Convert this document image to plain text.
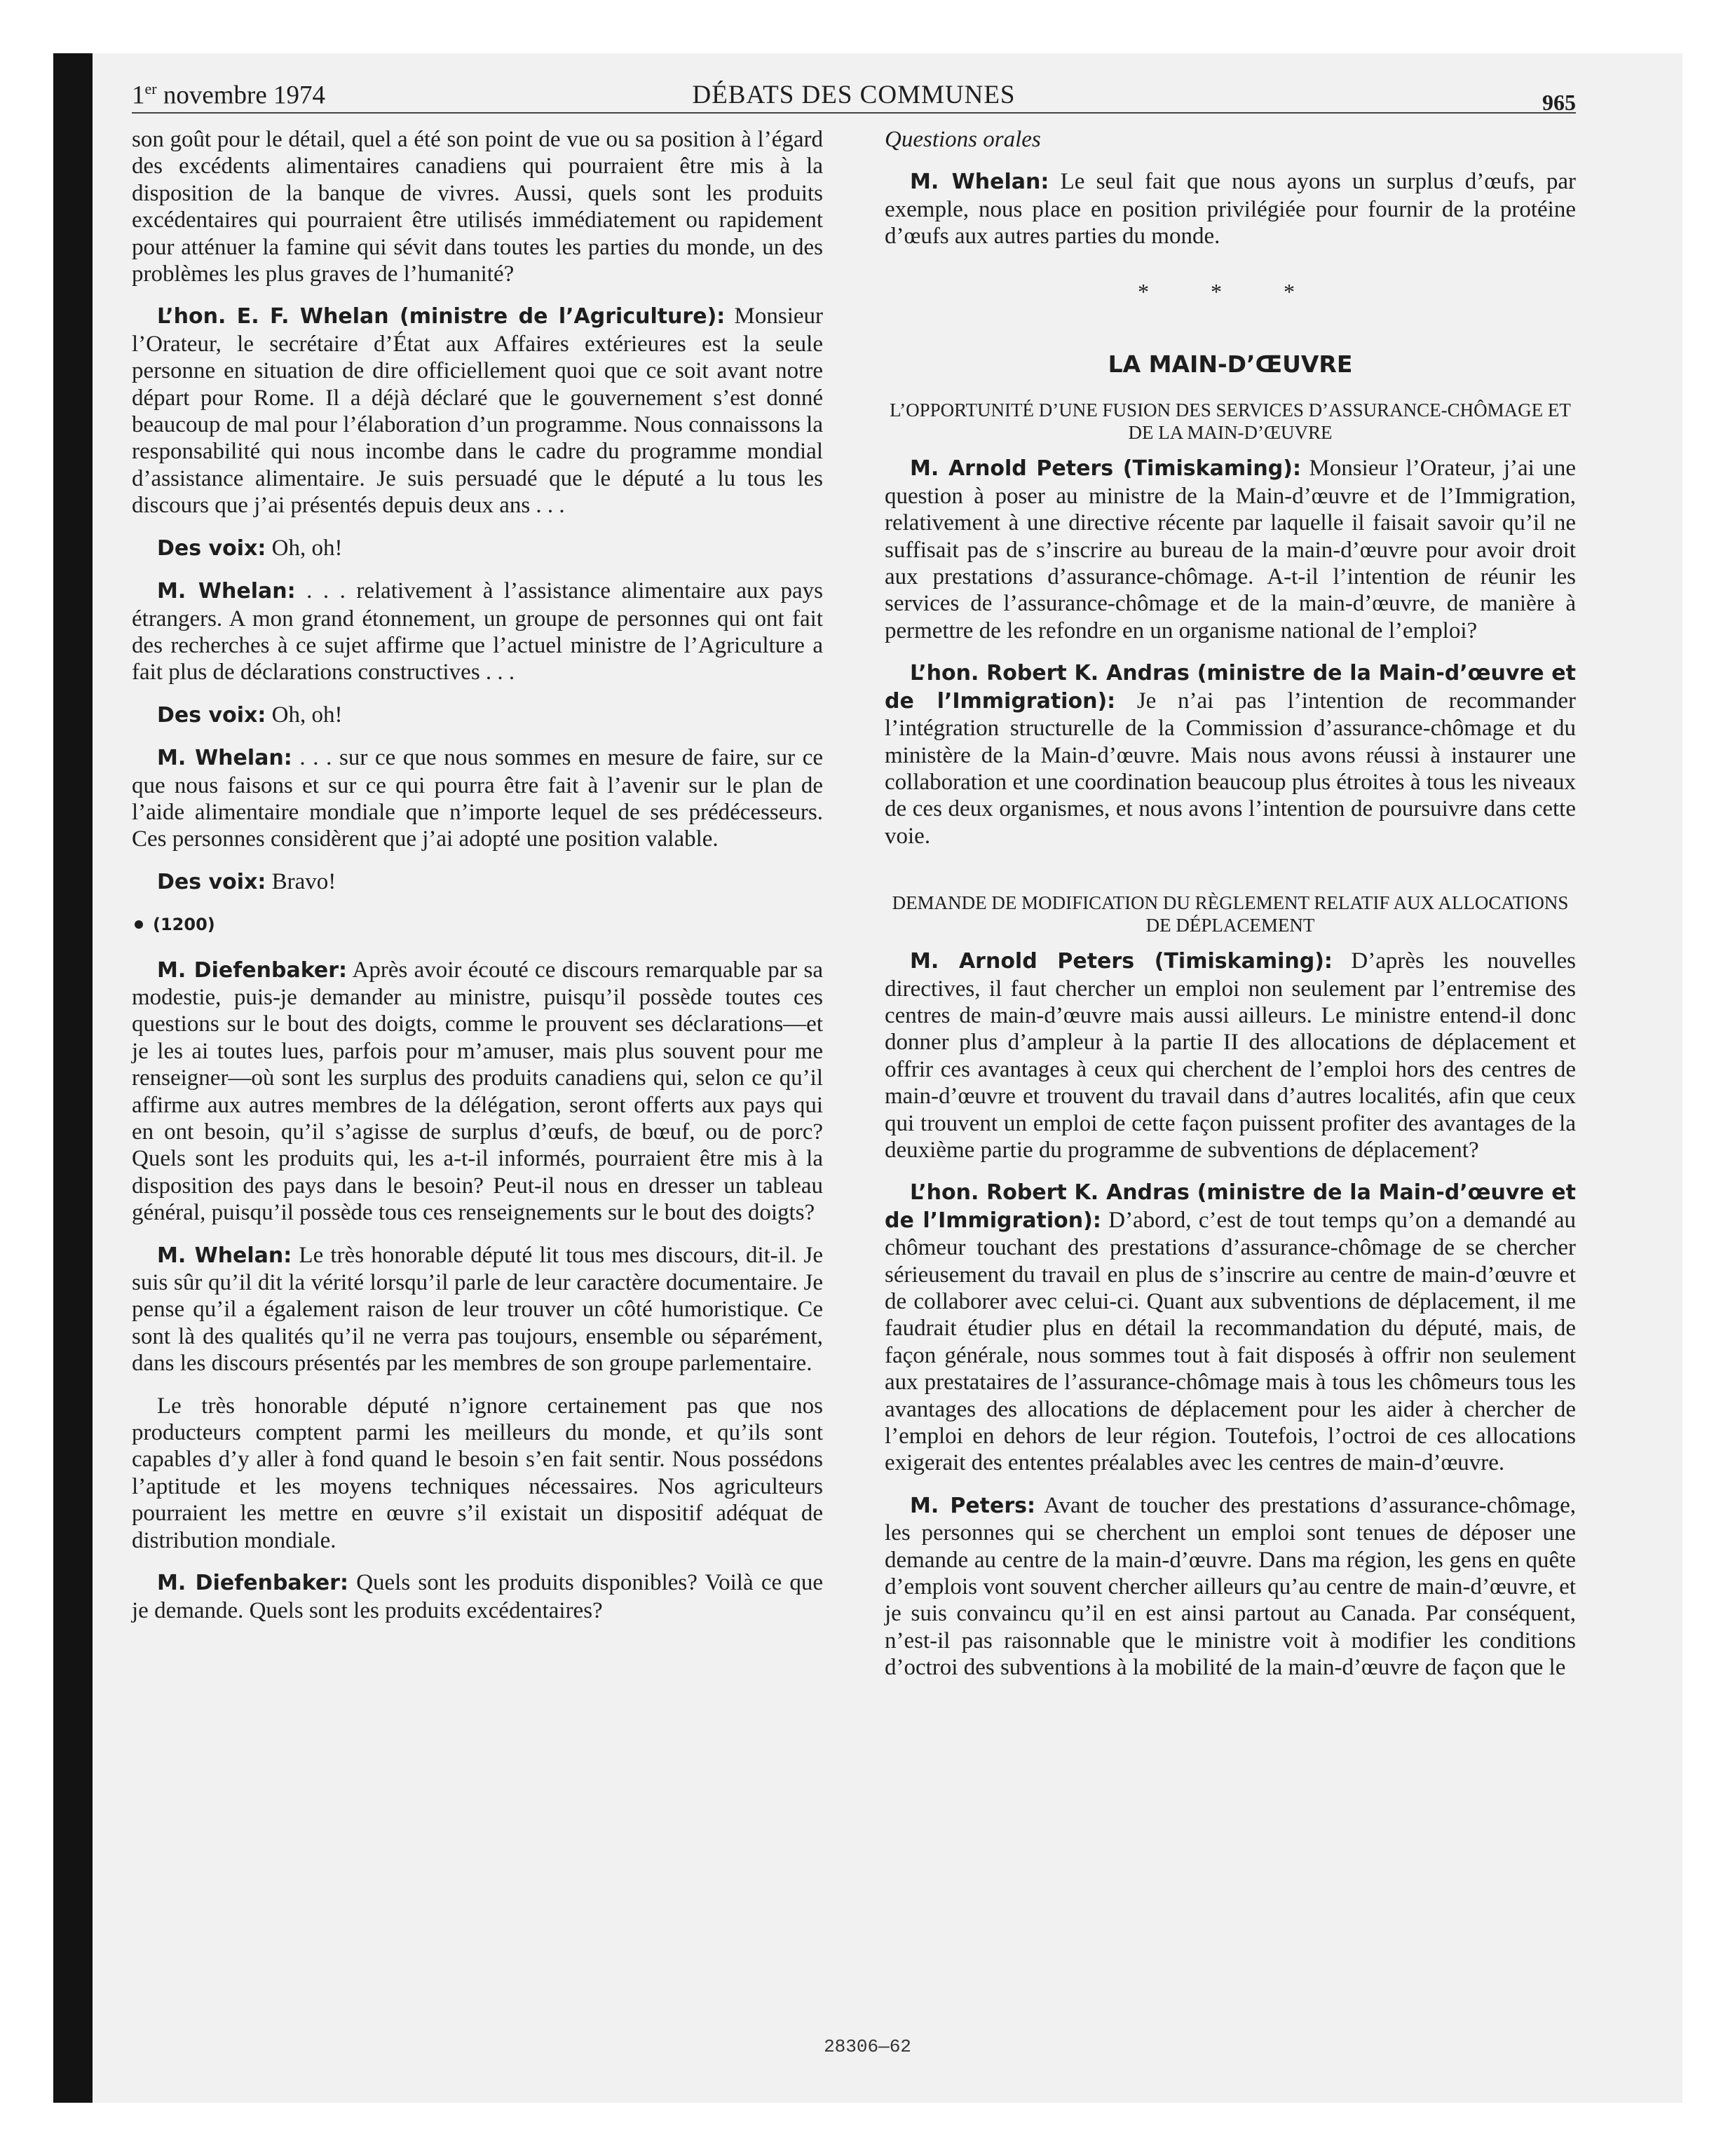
1er novembre 1974	DÉBATS DES COMMUNES	965

son goût pour le détail, quel a été son point de vue ou sa position à l’égard des excédents alimentaires canadiens qui pourraient être mis à la disposition de la banque de vivres. Aussi, quels sont les produits excédentaires qui pourraient être utilisés immédiatement ou rapidement pour atténuer la famine qui sévit dans toutes les parties du monde, un des problèmes les plus graves de l’humanité?

L’hon. E. F. Whelan (ministre de l’Agriculture): Monsieur l’Orateur, le secrétaire d’État aux Affaires extérieures est la seule personne en situation de dire officiellement quoi que ce soit avant notre départ pour Rome. Il a déjà déclaré que le gouvernement s’est donné beaucoup de mal pour l’élaboration d’un programme. Nous connaissons la responsabilité qui nous incombe dans le cadre du programme mondial d’assistance alimentaire. Je suis persuadé que le député a lu tous les discours que j’ai présentés depuis deux ans . . .

Des voix: Oh, oh!

M. Whelan: . . . relativement à l’assistance alimentaire aux pays étrangers. A mon grand étonnement, un groupe de personnes qui ont fait des recherches à ce sujet affirme que l’actuel ministre de l’Agriculture a fait plus de déclarations constructives . . .

Des voix: Oh, oh!

M. Whelan: . . . sur ce que nous sommes en mesure de faire, sur ce que nous faisons et sur ce qui pourra être fait à l’avenir sur le plan de l’aide alimentaire mondiale que n’importe lequel de ses prédécesseurs. Ces personnes considèrent que j’ai adopté une position valable.

Des voix: Bravo!

(1200)

M. Diefenbaker: Après avoir écouté ce discours remarquable par sa modestie, puis-je demander au ministre, puisqu’il possède toutes ces questions sur le bout des doigts, comme le prouvent ses déclarations—et je les ai toutes lues, parfois pour m’amuser, mais plus souvent pour me renseigner—où sont les surplus des produits canadiens qui, selon ce qu’il affirme aux autres membres de la délégation, seront offerts aux pays qui en ont besoin, qu’il s’agisse de surplus d’œufs, de bœuf, ou de porc? Quels sont les produits qui, les a-t-il informés, pourraient être mis à la disposition des pays dans le besoin? Peut-il nous en dresser un tableau général, puisqu’il possède tous ces renseignements sur le bout des doigts?

M. Whelan: Le très honorable député lit tous mes discours, dit-il. Je suis sûr qu’il dit la vérité lorsqu’il parle de leur caractère documentaire. Je pense qu’il a également raison de leur trouver un côté humoristique. Ce sont là des qualités qu’il ne verra pas toujours, ensemble ou séparément, dans les discours présentés par les membres de son groupe parlementaire.

Le très honorable député n’ignore certainement pas que nos producteurs comptent parmi les meilleurs du monde, et qu’ils sont capables d’y aller à fond quand le besoin s’en fait sentir. Nous possédons l’aptitude et les moyens techniques nécessaires. Nos agriculteurs pourraient les mettre en œuvre s’il existait un dispositif adéquat de distribution mondiale.

M. Diefenbaker: Quels sont les produits disponibles? Voilà ce que je demande. Quels sont les produits excédentaires?

Questions orales

M. Whelan: Le seul fait que nous ayons un surplus d’œufs, par exemple, nous place en position privilégiée pour fournir de la protéine d’œufs aux autres parties du monde.

* * *
LA MAIN-D’ŒUVRE
L’OPPORTUNITÉ D’UNE FUSION DES SERVICES D’ASSURANCE-CHÔMAGE ET DE LA MAIN-D’ŒUVRE

M. Arnold Peters (Timiskaming): Monsieur l’Orateur, j’ai une question à poser au ministre de la Main-d’œuvre et de l’Immigration, relativement à une directive récente par laquelle il faisait savoir qu’il ne suffisait pas de s’inscrire au bureau de la main-d’œuvre pour avoir droit aux prestations d’assurance-chômage. A-t-il l’intention de réunir les services de l’assurance-chômage et de la main-d’œuvre, de manière à permettre de les refondre en un organisme national de l’emploi?

L’hon. Robert K. Andras (ministre de la Main-d’œuvre et de l’Immigration): Je n’ai pas l’intention de recommander l’intégration structurelle de la Commission d’assurance-chômage et du ministère de la Main-d’œuvre. Mais nous avons réussi à instaurer une collaboration et une coordination beaucoup plus étroites à tous les niveaux de ces deux organismes, et nous avons l’intention de poursuivre dans cette voie.

DEMANDE DE MODIFICATION DU RÈGLEMENT RELATIF AUX ALLOCATIONS DE DÉPLACEMENT

M. Arnold Peters (Timiskaming): D’après les nouvelles directives, il faut chercher un emploi non seulement par l’entremise des centres de main-d’œuvre mais aussi ailleurs. Le ministre entend-il donc donner plus d’ampleur à la partie II des allocations de déplacement et offrir ces avantages à ceux qui cherchent de l’emploi hors des centres de main-d’œuvre et trouvent du travail dans d’autres localités, afin que ceux qui trouvent un emploi de cette façon puissent profiter des avantages de la deuxième partie du programme de subventions de déplacement?

L’hon. Robert K. Andras (ministre de la Main-d’œuvre et de l’Immigration): D’abord, c’est de tout temps qu’on a demandé au chômeur touchant des prestations d’assurance-chômage de se chercher sérieusement du travail en plus de s’inscrire au centre de main-d’œuvre et de collaborer avec celui-ci. Quant aux subventions de déplacement, il me faudrait étudier plus en détail la recommandation du député, mais, de façon générale, nous sommes tout à fait disposés à offrir non seulement aux prestataires de l’assurance-chômage mais à tous les chômeurs tous les avantages des allocations de déplacement pour les aider à chercher de l’emploi en dehors de leur région. Toutefois, l’octroi de ces allocations exigerait des ententes préalables avec les centres de main-d’œuvre.

M. Peters: Avant de toucher des prestations d’assurance-chômage, les personnes qui se cherchent un emploi sont tenues de déposer une demande au centre de la main-d’œuvre. Dans ma région, les gens en quête d’emplois vont souvent chercher ailleurs qu’au centre de main-d’œuvre, et je suis convaincu qu’il en est ainsi partout au Canada. Par conséquent, n’est-il pas raisonnable que le ministre voit à modifier les conditions d’octroi des subventions à la mobilité de la main-d’œuvre de façon que le

28306—62
